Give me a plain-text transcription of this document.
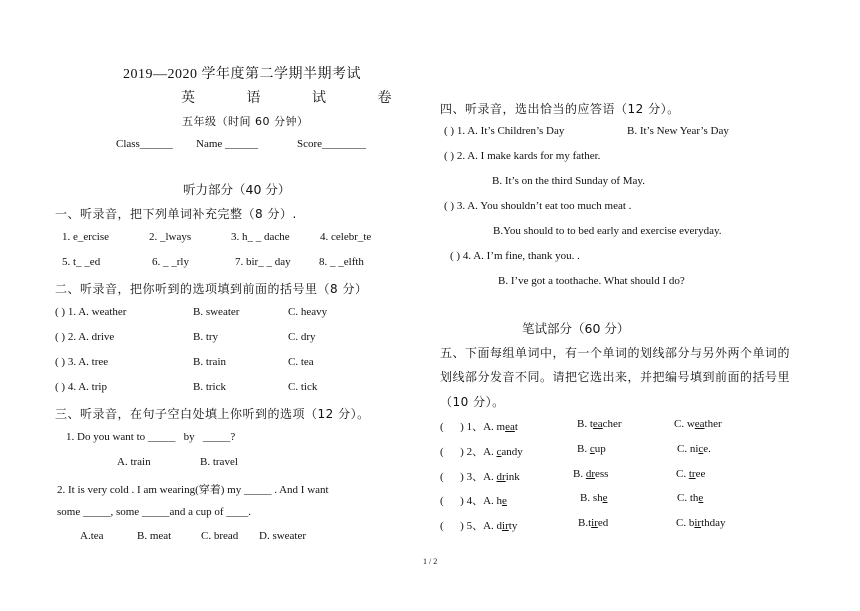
2019—2020 学年度第二学期半期考试
英 语 试 卷
五年级（时间 60 分钟）
Class______ Name ______	Score________
听力部分（40 分）
一、听录音，把下列单词补充完整（8 分）.
1. e_ercise	2. _lways	3. h_ _ dache	4. celebr_te
5. t_ _ed	6. _ _rly	7. bir_ _ day	8. _ _elfth
二、听录音，把你听到的选项填到前面的括号里（8 分）
( ) 1. A. weather	B. sweater	C. heavy
( ) 2. A. drive	B. try	C. dry
( ) 3. A. tree	B. train	C. tea
( ) 4. A. trip	B. trick	C. tick
三、听录音，在句子空白处填上你听到的选项（12 分）。
1. Do you want to _____   by   _____?
A. train	B. travel
2. It is very cold . I am wearing(穿着) my _____ . And I want
some _____, some _____and a cup of ____.
A.tea	B. meat	C. bread D. sweater
四、听录音，选出恰当的应答语（12 分）。
( ) 1. A. It’s Children’s Day	B. It’s New Year’s Day
( ) 2. A. I make kards for my father.
B. It’s on the third Sunday of May.
( ) 3. A. You shouldn’t eat too much meat .
B.You should to to bed early and exercise everyday.
( ) 4. A. I’m fine, thank you. .
B. I’ve got a toothache. What should I do?
笔试部分（60 分）
五、下面每组单词中，有一个单词的划线部分与另外两个单词的
划线部分发音不同。请把它选出来，并把编号填到前面的括号里
（10 分）。
(      ) 1、A. meat	B. teacher	C. weather
(      ) 2、A. candy	B. cup	C. nice.
(      ) 3、A. drink	B. dress	C. tree
(      ) 4、A. he	B. she	C. the
(      ) 5、A. dirty	B.tired	C. birthday
1 / 2
